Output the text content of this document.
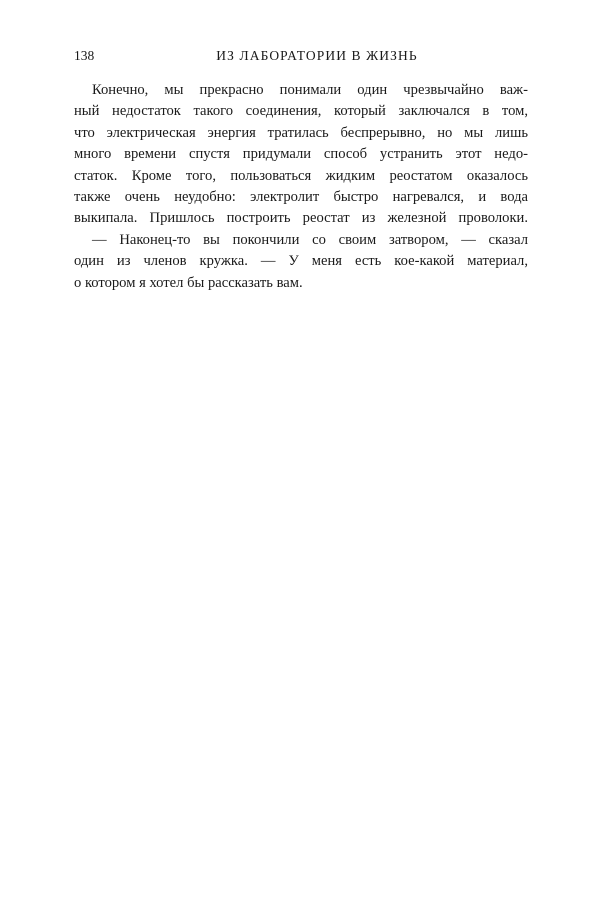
138	ИЗ ЛАБОРАТОРИИ В ЖИЗНЬ
Конечно, мы прекрасно понимали один чрезвычайно важ-
ный недостаток такого соединения, который заключался в том,
что электрическая энергия тратилась беспрерывно, но мы лишь
много времени спустя придумали способ устранить этот недо-
статок. Кроме того, пользоваться жидким реостатом оказалось
также очень неудобно: электролит быстро нагревался, и вода
выкипала. Пришлось построить реостат из железной проволоки.
— Наконец-то вы покончили со своим затвором, — сказал
один из членов кружка. — У меня есть кое-какой материал,
о котором я хотел бы рассказать вам.
